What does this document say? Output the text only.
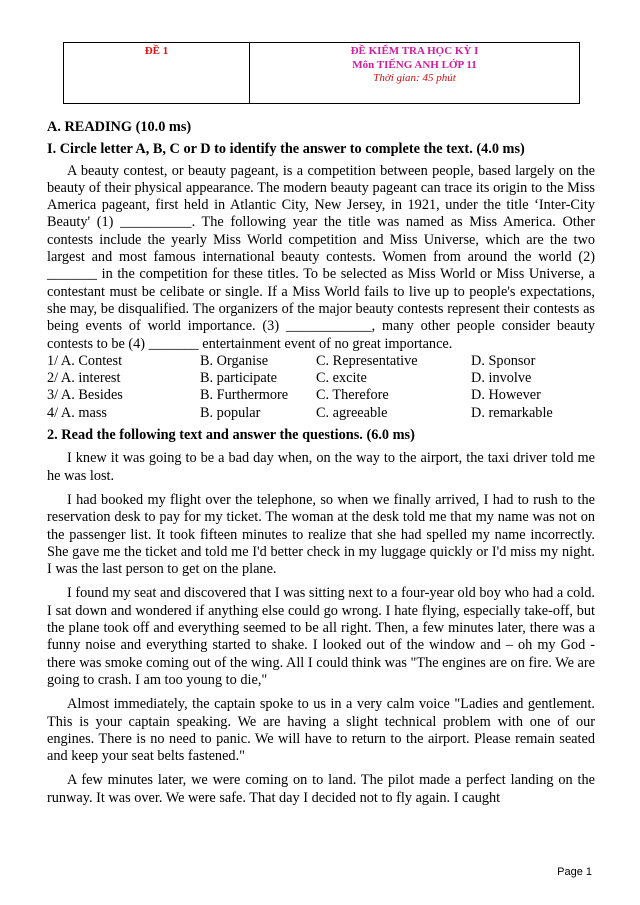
ĐỀ 1	ĐỀ KIỂM TRA HỌC KỲ I
Môn TIẾNG ANH LỚP 11
Thời gian: 45 phút

A. READING (10.0 ms)

I. Circle letter A, B, C or D to identify the answer to complete the text. (4.0 ms)

A beauty contest, or beauty pageant, is a competition between people, based largely on the beauty of their physical appearance. The modern beauty pageant can trace its origin to the Miss America pageant, first held in Atlantic City, New Jersey, in 1921, under the title ‘Inter-City Beauty' (1) __________. The following year the title was named as Miss America. Other contests include the yearly Miss World competition and Miss Universe, which are the two largest and most famous international beauty contests. Women from around the world (2) _______ in the competition for these titles. To be selected as Miss World or Miss Universe, a contestant must be celibate or single. If a Miss World fails to live up to people's expectations, she may, be disqualified. The organizers of the major beauty contests represent their contests as being events of world importance. (3) ____________, many other people consider beauty contests to be (4) _______ entertainment event of no great importance.

1/ A. Contest	B. Organise	C. Representative	D. Sponsor
2/ A. interest	B. participate	C. excite	D. involve
3/ A. Besides	B. Furthermore	C. Therefore	D. However
4/ A. mass	B. popular	C. agreeable	D. remarkable

2. Read the following text and answer the questions. (6.0 ms)

I knew it was going to be a bad day when, on the way to the airport, the taxi driver told me he was lost.

I had booked my flight over the telephone, so when we finally arrived, I had to rush to the reservation desk to pay for my ticket. The woman at the desk told me that my name was not on the passenger list. It took fifteen minutes to realize that she had spelled my name incorrectly. She gave me the ticket and told me I'd better check in my luggage quickly or I'd miss my night. I was the last person to get on the plane.

I found my seat and discovered that I was sitting next to a four-year old boy who had a cold. I sat down and wondered if anything else could go wrong. I hate flying, especially take-off, but the plane took off and everything seemed to be all right. Then, a few minutes later, there was a funny noise and everything started to shake. I looked out of the window and – oh my God - there was smoke coming out of the wing. All I could think was "The engines are on fire. We are going to crash. I am too young to die,"

Almost immediately, the captain spoke to us in a very calm voice "Ladies and gentlement. This is your captain speaking. We are having a slight technical problem with one of our engines. There is no need to panic. We will have to return to the airport. Please remain seated and keep your seat belts fastened."

A few minutes later, we were coming on to land. The pilot made a perfect landing on the runway. It was over. We were safe. That day I decided not to fly again. I caught

Page 1
